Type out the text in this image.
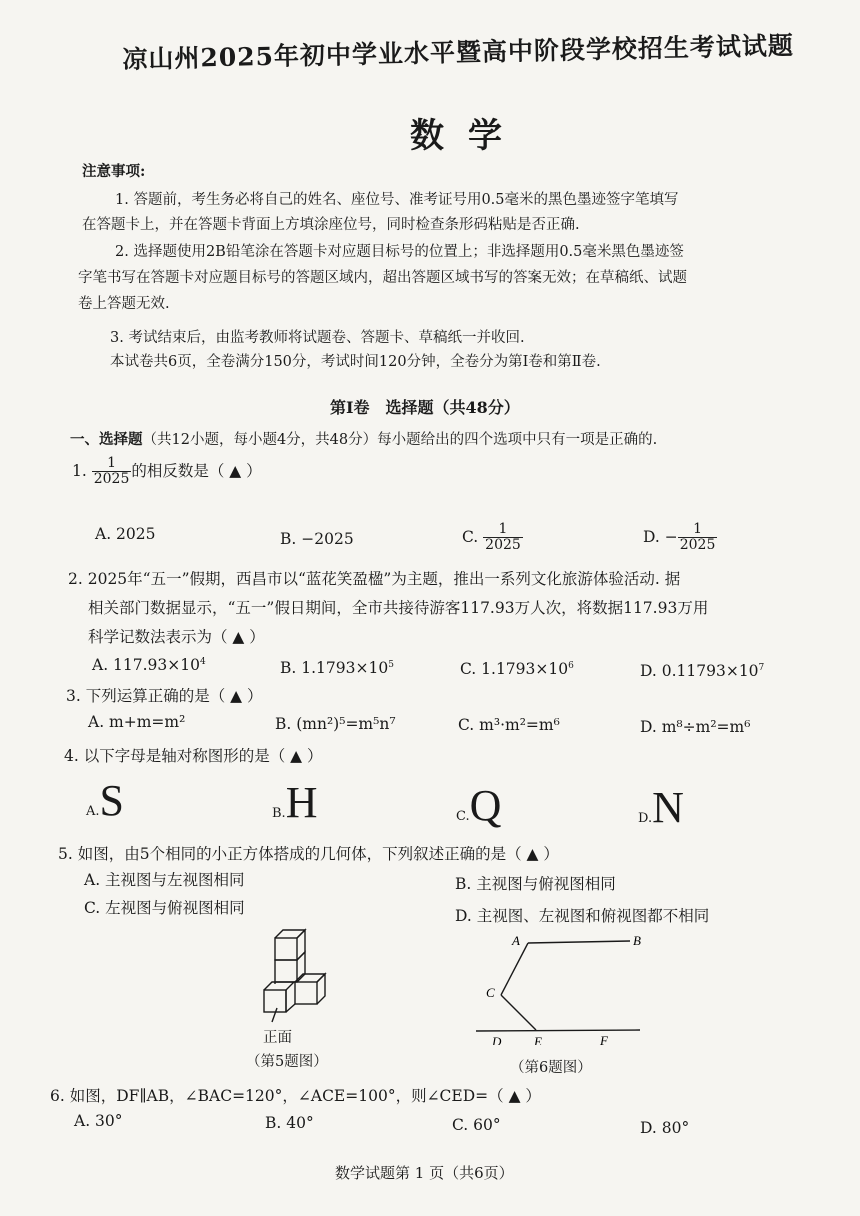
凉山州2025年初中学业水平暨高中阶段学校招生考试试题
数学
注意事项:
1. 答题前，考生务必将自己的姓名、座位号、准考证号用0.5毫米的黑色墨迹签字笔填写
在答题卡上，并在答题卡背面上方填涂座位号，同时检查条形码粘贴是否正确.
2. 选择题使用2B铅笔涂在答题卡对应题目标号的位置上；非选择题用0.5毫米黑色墨迹签
字笔书写在答题卡对应题目标号的答题区域内，超出答题区域书写的答案无效；在草稿纸、试题
卷上答题无效.
3. 考试结束后，由监考教师将试题卷、答题卡、草稿纸一并收回.
本试卷共6页，全卷满分150分，考试时间120分钟，全卷分为第Ⅰ卷和第Ⅱ卷.
第Ⅰ卷　选择题（共48分）
一、选择题（共12小题，每小题4分，共48分）每小题给出的四个选项中只有一项是正确的.
1. $\frac{1}{2025}$ 的相反数是（ ▲ ）
A. 2025	B. −2025	C. $\frac{1}{2025}$	D. − $\frac{1}{2025}$
2. 2025年“五一”假期，西昌市以“蓝花笑盈楹”为主题，推出一系列文化旅游体验活动. 据
相关部门数据显示，“五一”假日期间，全市共接待游客117.93万人次，将数据117.93万用
科学记数法表示为（ ▲ ）
A. $117.93\times 10^4$	B. $1.1793\times 10^5$	C. $1.1793\times 10^6$	D. $0.11793\times 10^7$
3. 下列运算正确的是（ ▲ ）
A. m+m=m²	B. (mn²)⁵=m⁵n⁷	C. m³·m²=m⁶	D. m⁸÷m²=m⁶
4. 以下字母是轴对称图形的是（ ▲ ）
A.S	B.H	C.Q	D.N
5. 如图，由5个相同的小正方体搭成的几何体，下列叙述正确的是（ ▲ ）
A. 主视图与左视图相同	B. 主视图与俯视图相同
C. 左视图与俯视图相同	D. 主视图、左视图和俯视图都不相同
正面
（第5题图）
A	B
C
D	E	F
（第6题图）
6. 如图，DF∥AB，∠BAC=120°，∠ACE=100°，则∠CED=（ ▲ ）
A. 30°	B. 40°	C. 60°	D. 80°
数学试题第 1 页（共6页）
